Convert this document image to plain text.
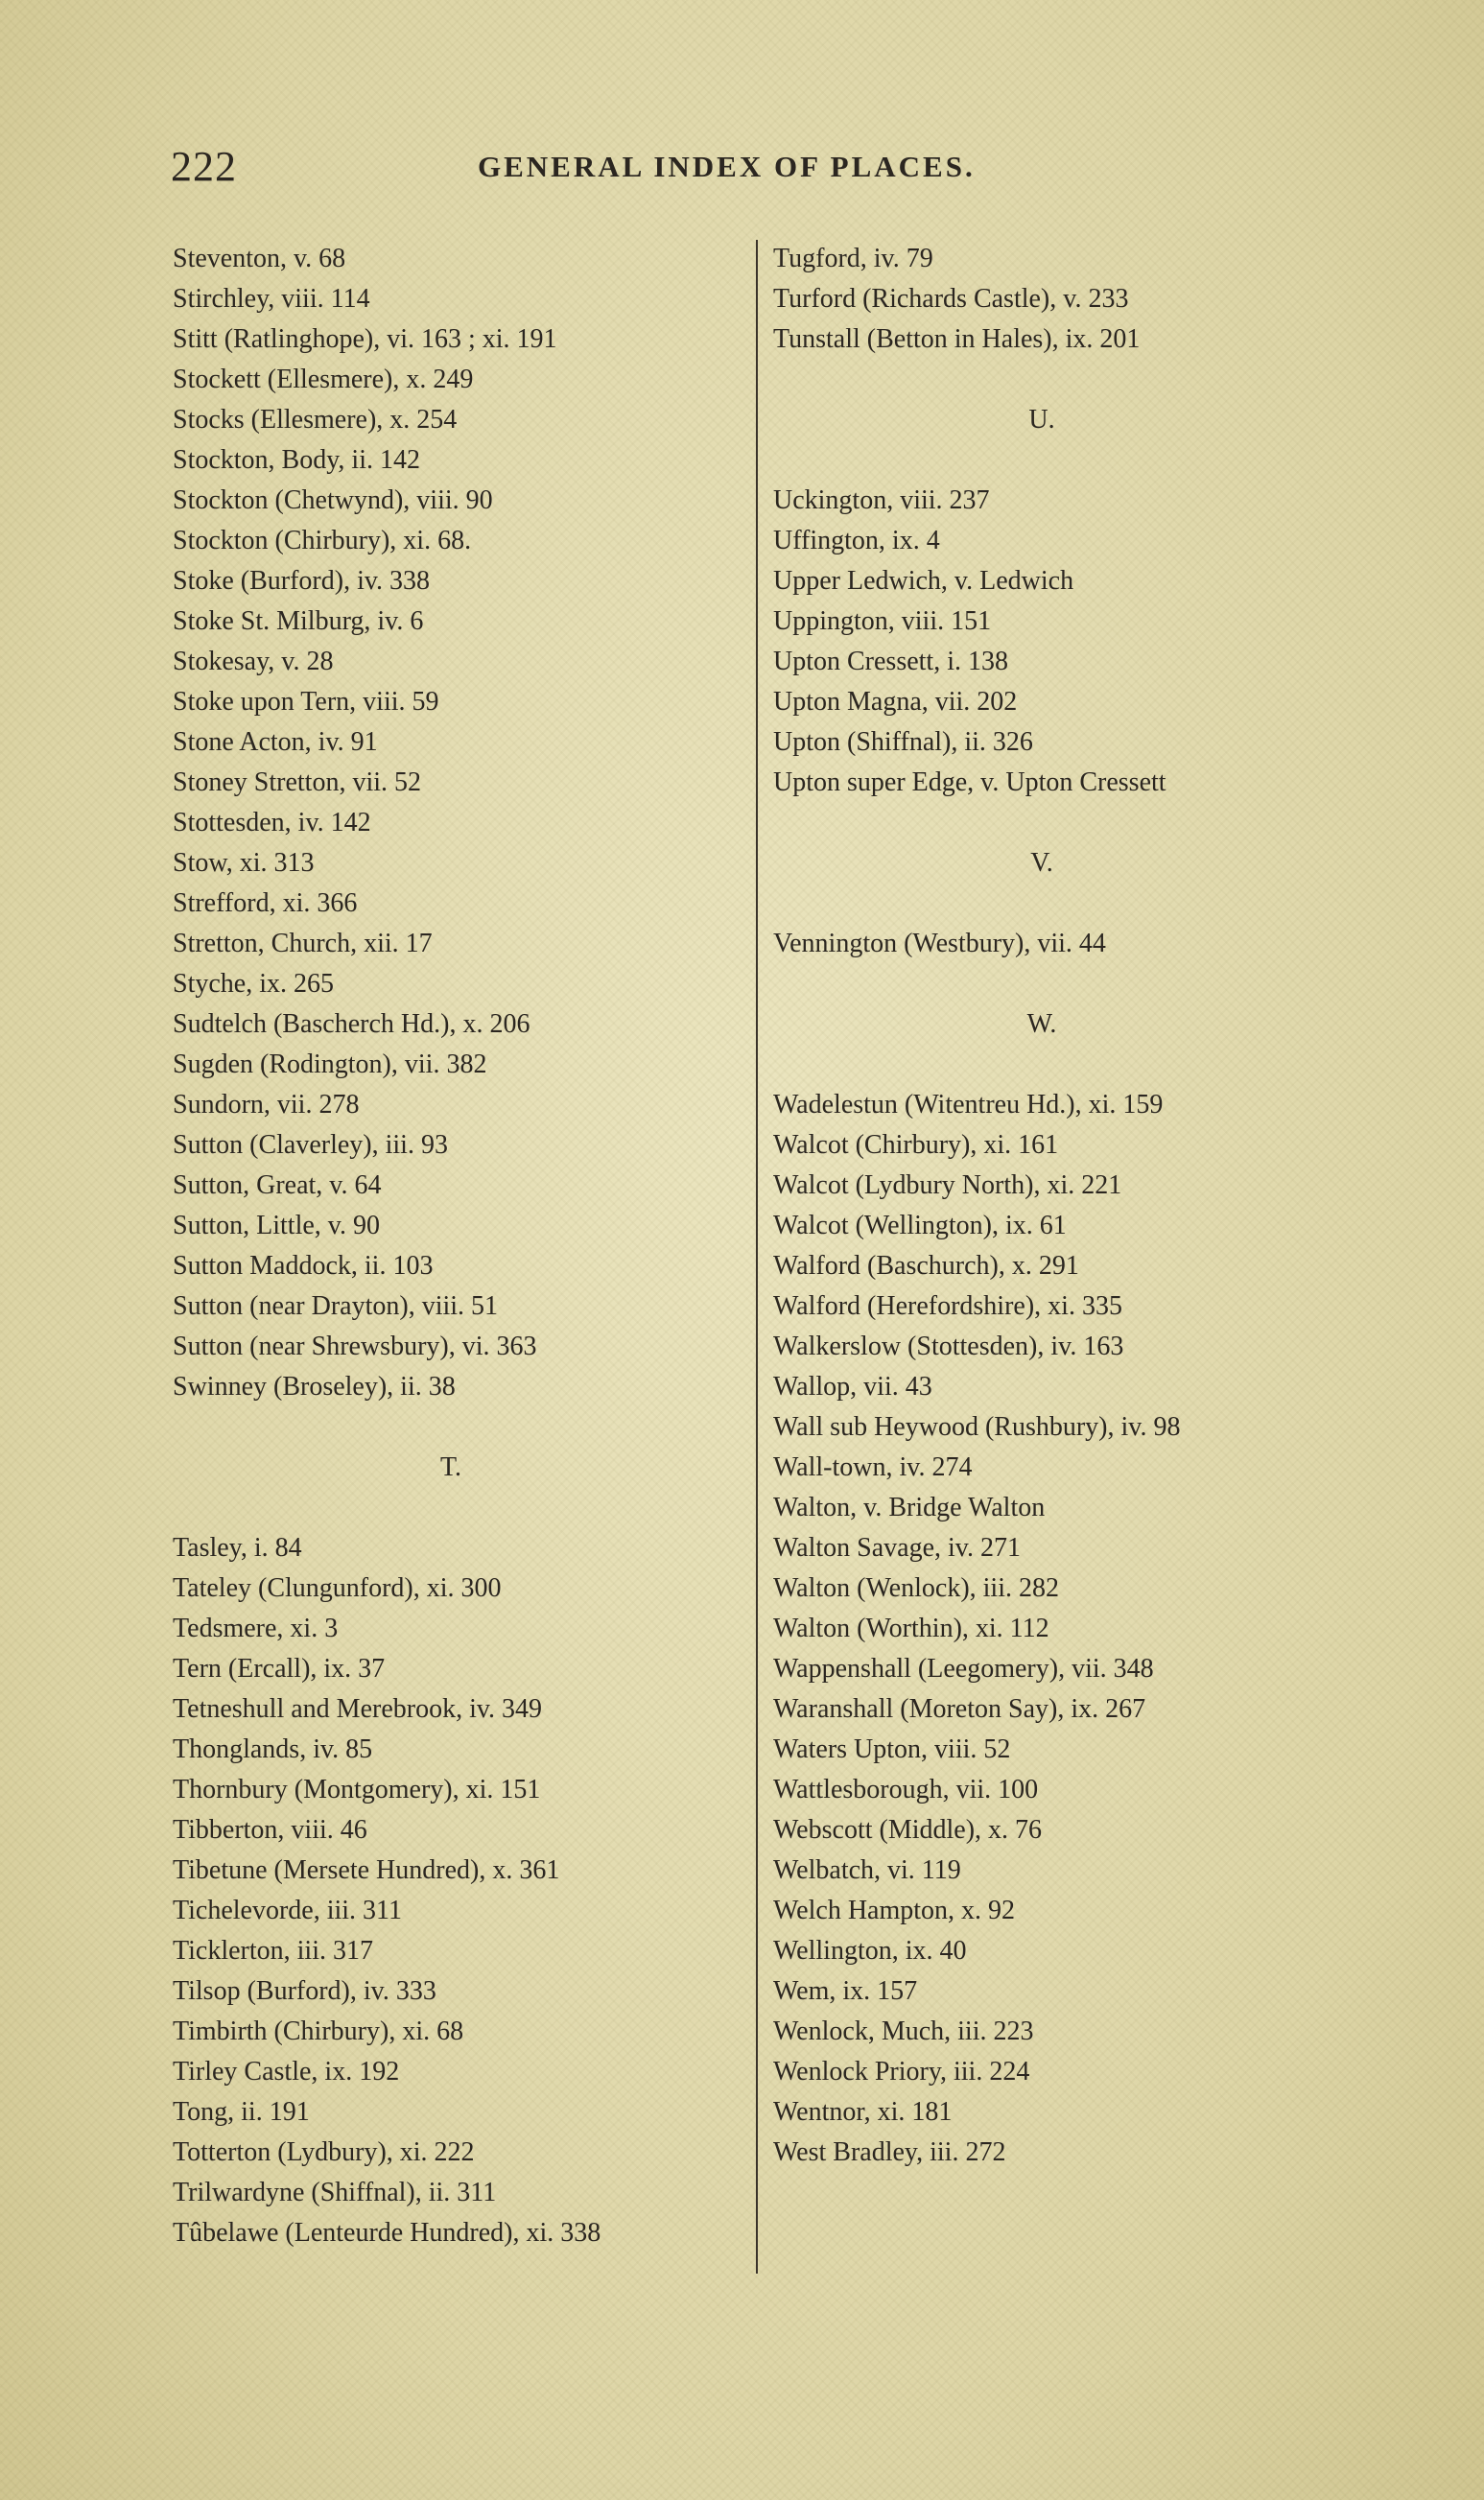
222	GENERAL INDEX OF PLACES.
Steventon, v. 68
Stirchley, viii. 114
Stitt (Ratlinghope), vi. 163 ; xi. 191
Stockett (Ellesmere), x. 249
Stocks (Ellesmere), x. 254
Stockton, Body, ii. 142
Stockton (Chetwynd), viii. 90
Stockton (Chirbury), xi. 68.
Stoke (Burford), iv. 338
Stoke St. Milburg, iv. 6
Stokesay, v. 28
Stoke upon Tern, viii. 59
Stone Acton, iv. 91
Stoney Stretton, vii. 52
Stottesden, iv. 142
Stow, xi. 313
Strefford, xi. 366
Stretton, Church, xii. 17
Styche, ix. 265
Sudtelch (Bascherch Hd.), x. 206
Sugden (Rodington), vii. 382
Sundorn, vii. 278
Sutton (Claverley), iii. 93
Sutton, Great, v. 64
Sutton, Little, v. 90
Sutton Maddock, ii. 103
Sutton (near Drayton), viii. 51
Sutton (near Shrewsbury), vi. 363
Swinney (Broseley), ii. 38
T.
Tasley, i. 84
Tateley (Clungunford), xi. 300
Tedsmere, xi. 3
Tern (Ercall), ix. 37
Tetneshull and Merebrook, iv. 349
Thonglands, iv. 85
Thornbury (Montgomery), xi. 151
Tibberton, viii. 46
Tibetune (Mersete Hundred), x. 361
Tichelevorde, iii. 311
Ticklerton, iii. 317
Tilsop (Burford), iv. 333
Timbirth (Chirbury), xi. 68
Tirley Castle, ix. 192
Tong, ii. 191
Totterton (Lydbury), xi. 222
Trilwardyne (Shiffnal), ii. 311
Tûbelawe (Lenteurde Hundred), xi. 338
Tugford, iv. 79
Turford (Richards Castle), v. 233
Tunstall (Betton in Hales), ix. 201
U.
Uckington, viii. 237
Uffington, ix. 4
Upper Ledwich, v. Ledwich
Uppington, viii. 151
Upton Cressett, i. 138
Upton Magna, vii. 202
Upton (Shiffnal), ii. 326
Upton super Edge, v. Upton Cressett
V.
Vennington (Westbury), vii. 44
W.
Wadelestun (Witentreu Hd.), xi. 159
Walcot (Chirbury), xi. 161
Walcot (Lydbury North), xi. 221
Walcot (Wellington), ix. 61
Walford (Baschurch), x. 291
Walford (Herefordshire), xi. 335
Walkerslow (Stottesden), iv. 163
Wallop, vii. 43
Wall sub Heywood (Rushbury), iv. 98
Wall-town, iv. 274
Walton, v. Bridge Walton
Walton Savage, iv. 271
Walton (Wenlock), iii. 282
Walton (Worthin), xi. 112
Wappenshall (Leegomery), vii. 348
Waranshall (Moreton Say), ix. 267
Waters Upton, viii. 52
Wattlesborough, vii. 100
Webscott (Middle), x. 76
Welbatch, vi. 119
Welch Hampton, x. 92
Wellington, ix. 40
Wem, ix. 157
Wenlock, Much, iii. 223
Wenlock Priory, iii. 224
Wentnor, xi. 181
West Bradley, iii. 272
